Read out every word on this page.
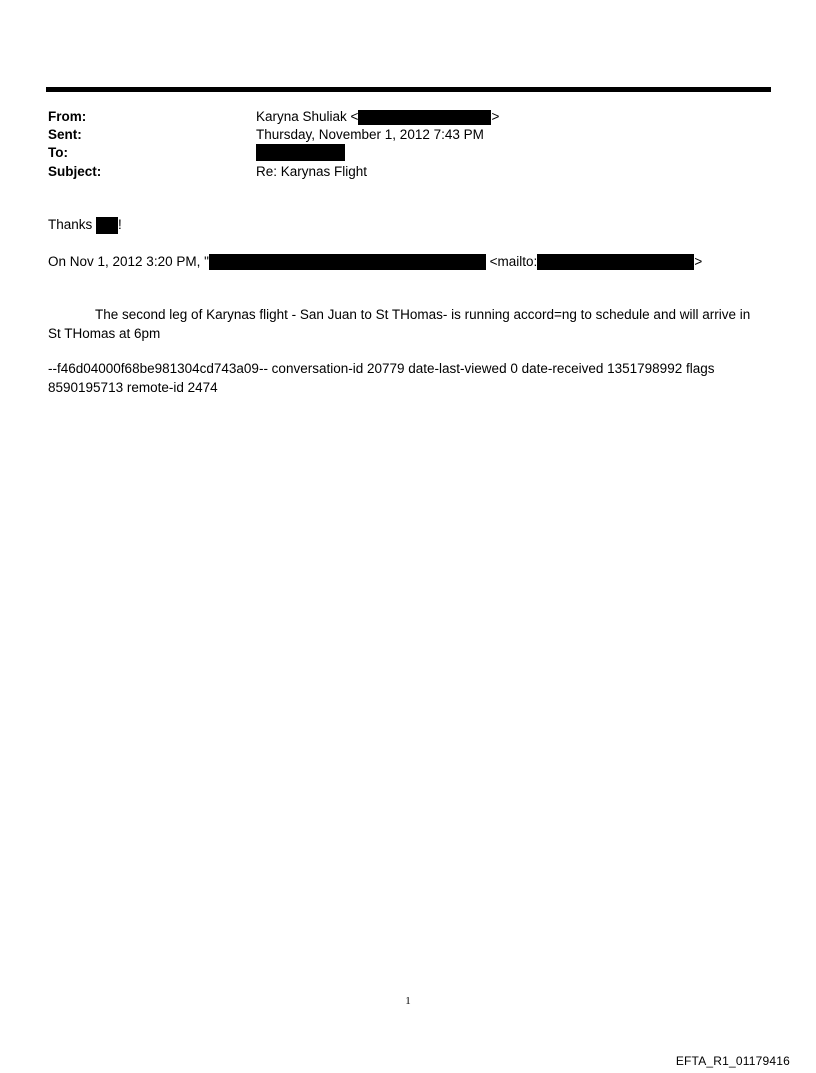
From:	Karyna Shuliak <	>
Sent:	Thursday, November 1, 2012 7:43 PM
To:
Subject:	Re: Karynas Flight
Thanks !
On Nov 1, 2012 3:20 PM, "	<mailto:	>
The second leg of Karynas flight - San Juan to St THomas- is running accord=ng to schedule and will arrive in St THomas at 6pm
--f46d04000f68be981304cd743a09-- conversation-id 20779 date-last-viewed 0 date-received 1351798992 flags 8590195713 remote-id 2474
1
EFTA_R1_01179416
